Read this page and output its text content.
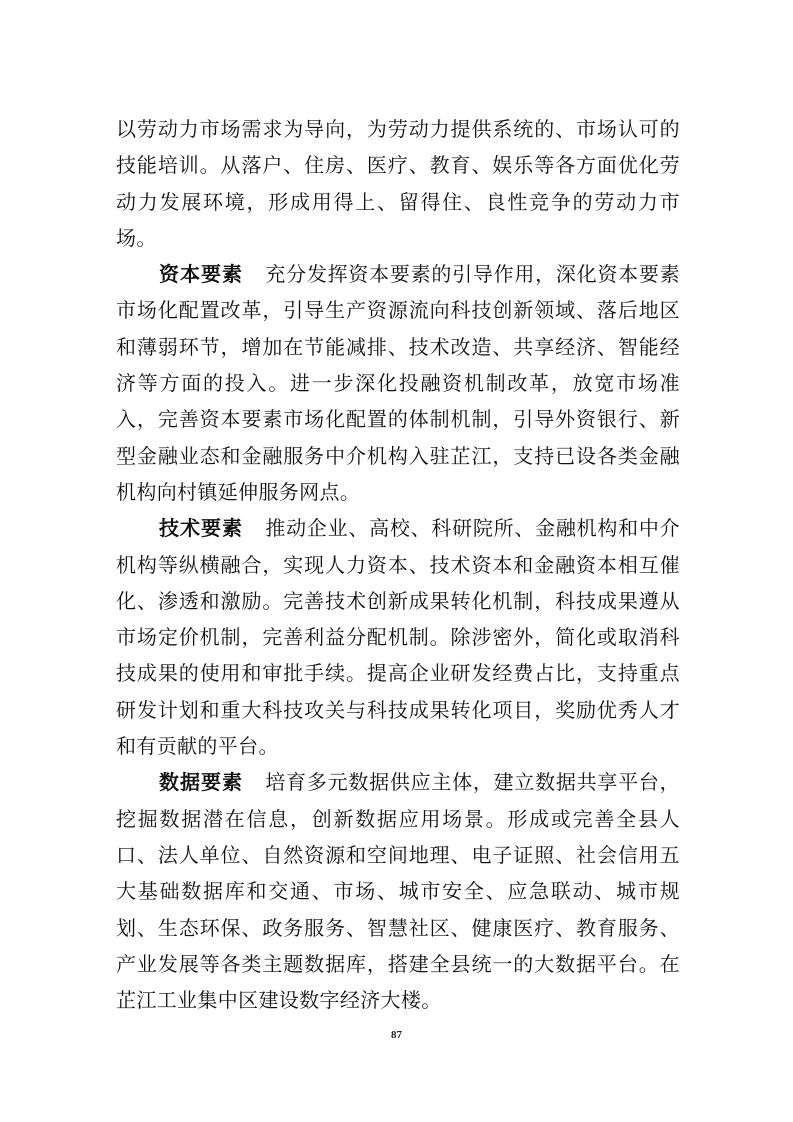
以劳动力市场需求为导向，为劳动力提供系统的、市场认可的技能培训。从落户、住房、医疗、教育、娱乐等各方面优化劳动力发展环境，形成用得上、留得住、良性竞争的劳动力市场。

资本要素 充分发挥资本要素的引导作用，深化资本要素市场化配置改革，引导生产资源流向科技创新领域、落后地区和薄弱环节，增加在节能减排、技术改造、共享经济、智能经济等方面的投入。进一步深化投融资机制改革，放宽市场准入，完善资本要素市场化配置的体制机制，引导外资银行、新型金融业态和金融服务中介机构入驻芷江，支持已设各类金融机构向村镇延伸服务网点。

技术要素 推动企业、高校、科研院所、金融机构和中介机构等纵横融合，实现人力资本、技术资本和金融资本相互催化、渗透和激励。完善技术创新成果转化机制，科技成果遵从市场定价机制，完善利益分配机制。除涉密外，简化或取消科技成果的使用和审批手续。提高企业研发经费占比，支持重点研发计划和重大科技攻关与科技成果转化项目，奖励优秀人才和有贡献的平台。

数据要素 培育多元数据供应主体，建立数据共享平台，挖掘数据潜在信息，创新数据应用场景。形成或完善全县人口、法人单位、自然资源和空间地理、电子证照、社会信用五大基础数据库和交通、市场、城市安全、应急联动、城市规划、生态环保、政务服务、智慧社区、健康医疗、教育服务、产业发展等各类主题数据库，搭建全县统一的大数据平台。在芷江工业集中区建设数字经济大楼。

87
